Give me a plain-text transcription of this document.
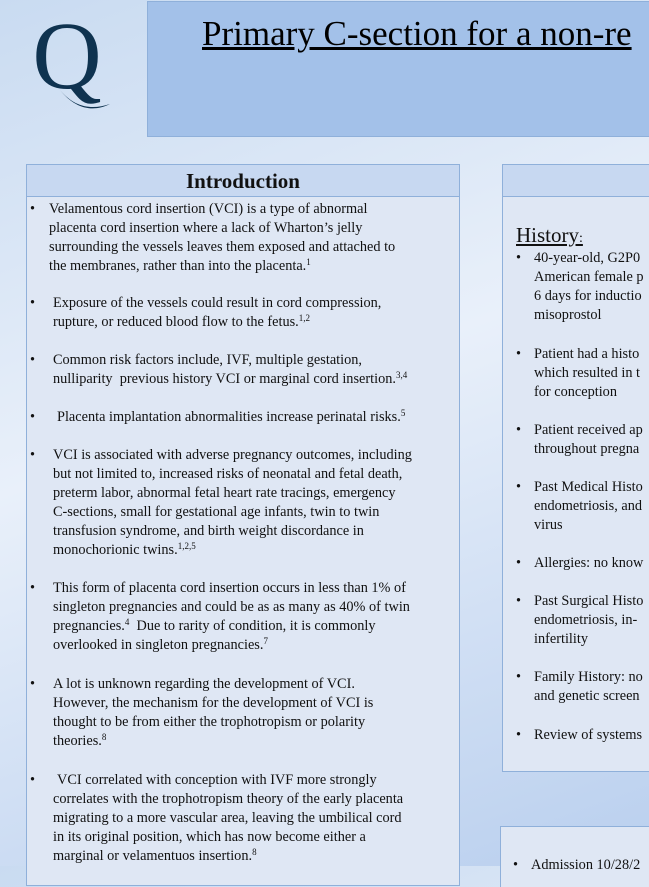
Q	Primary C-section for a non-re
Introduction
• Velamentous cord insertion (VCI) is a type of abnormal
placenta cord insertion where a lack of Wharton’s jelly
surrounding the vessels leaves them exposed and attached to
the membranes, rather than into the placenta.$^1$
• Exposure of the vessels could result in cord compression,
rupture, or reduced blood flow to the fetus.$^{1,2}$
• Common risk factors include, IVF, multiple gestation,
nulliparity  previous history VCI or marginal cord insertion.$^{3,4}$
• Placenta implantation abnormalities increase perinatal risks.$^5$
• VCI is associated with adverse pregnancy outcomes, including
but not limited to, increased risks of neonatal and fetal death,
preterm labor, abnormal fetal heart rate tracings, emergency
C-sections, small for gestational age infants, twin to twin
transfusion syndrome, and birth weight discordance in
monochorionic twins.$^{1,2,5}$
• This form of placenta cord insertion occurs in less than 1% of
singleton pregnancies and could be as as many as 40% of twin
pregnancies.$^4$  Due to rarity of condition, it is commonly
overlooked in singleton pregnancies.$^7$
• A lot is unknown regarding the development of VCI.
However, the mechanism for the development of VCI is
thought to be from either the trophotropism or polarity
theories.$^8$
• VCI correlated with conception with IVF more strongly
correlates with the trophotropism theory of the early placenta
migrating to a more vascular area, leaving the umbilical cord
in its original position, which has now become either a
marginal or velamentuos insertion.$^8$
History:
• 40-year-old, G2P0
American female p
6 days for inductio
misoprostol
• Patient had a histo
which resulted in t
for conception
• Patient received ap
throughout pregna
• Past Medical Histo
endometriosis, and
virus
• Allergies: no know
• Past Surgical Histo
endometriosis, in-
infertility
• Family History: no
and genetic screen
• Review of systems
• Admission 10/28/2
